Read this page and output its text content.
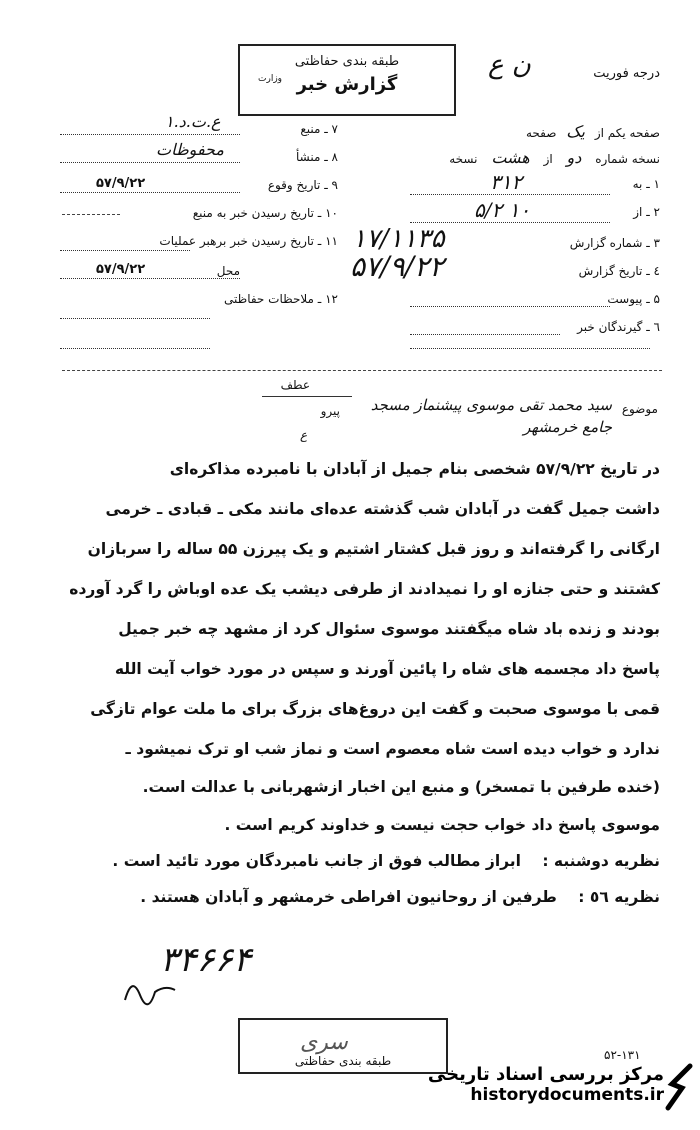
طبقه بندی حفاظتی
وزارت گزارش خبر
درجه فوریت
ن ع
صفحه یکم از یک صفحه
نسخه شماره دو از هشت نسخه
۱ ـ به
۳۱۲
۲ ـ از
۵/۲ ۱۰
۳ ـ شماره گزارش
۱۷/۱۱۳۵
٤ ـ تاریخ گزارش
۵۷/۹/۲۲
۵ ـ پیوست
٦ ـ گیرندگان خبر
۷ ـ منبع
ع.ت.د.۱
۸ ـ منشأ
محفوظات
۹ ـ تاریخ وقوع
۵۷/۹/۲۲
۱۰ ـ تاریخ رسیدن خبر به منبع
۱۱ ـ تاریخ رسیدن خبر برهبر عملیات
۵۷/۹/۲۲	محل
۱۲ ـ ملاحظات حفاظتی
عطف
پیرو	موضوع
سید محمد تقی موسوی پیشنماز مسجد
جامع خرمشهر
ع
در تاریخ ۵۷/۹/۲۲ شخصی بنام جمیل از آبادان با نامبرده مذاکره‌ای
داشت جمیل گفت در آبادان شب گذشته عده‌ای مانند مکی ـ قبادی ـ خرمی
ارگانی را گرفته‌اند و روز قبل کشتار اشتیم و یک پیرزن ۵۵ ساله را سربازان
کشتند و حتی جنازه او را نمیدادند از طرفی دیشب یک عده اوباش را گرد آورده
بودند و زنده باد شاه میگفتند موسوی سئوال کرد از مشهد چه خبر جمیل
پاسخ داد مجسمه های شاه را پائین آورند و سپس در مورد خواب آیت الله
قمی با موسوی صحبت و گفت این دروغ‌های بزرگ برای ما ملت عوام تازگی
ندارد و خواب دیده است شاه معصوم است و نماز شب او ترک نمیشود ـ
(خنده طرفین با تمسخر) و منبع این اخبار ازشهربانی با عدالت است.
موسوی پاسخ داد خواب حجت نیست و خداوند کریم است .
نظریه دوشنبه : ابراز مطالب فوق از جانب نامبردگان مورد تائید است .
نظریه ٥٦ : طرفین از روحانیون افراطی خرمشهر و آبادان هستند .
۳۴۶۶۴
سری
طبقه بندی حفاظتی	۵۲-۱۳۱
مرکز بررسی اسناد تاریخی
historydocuments.ir
